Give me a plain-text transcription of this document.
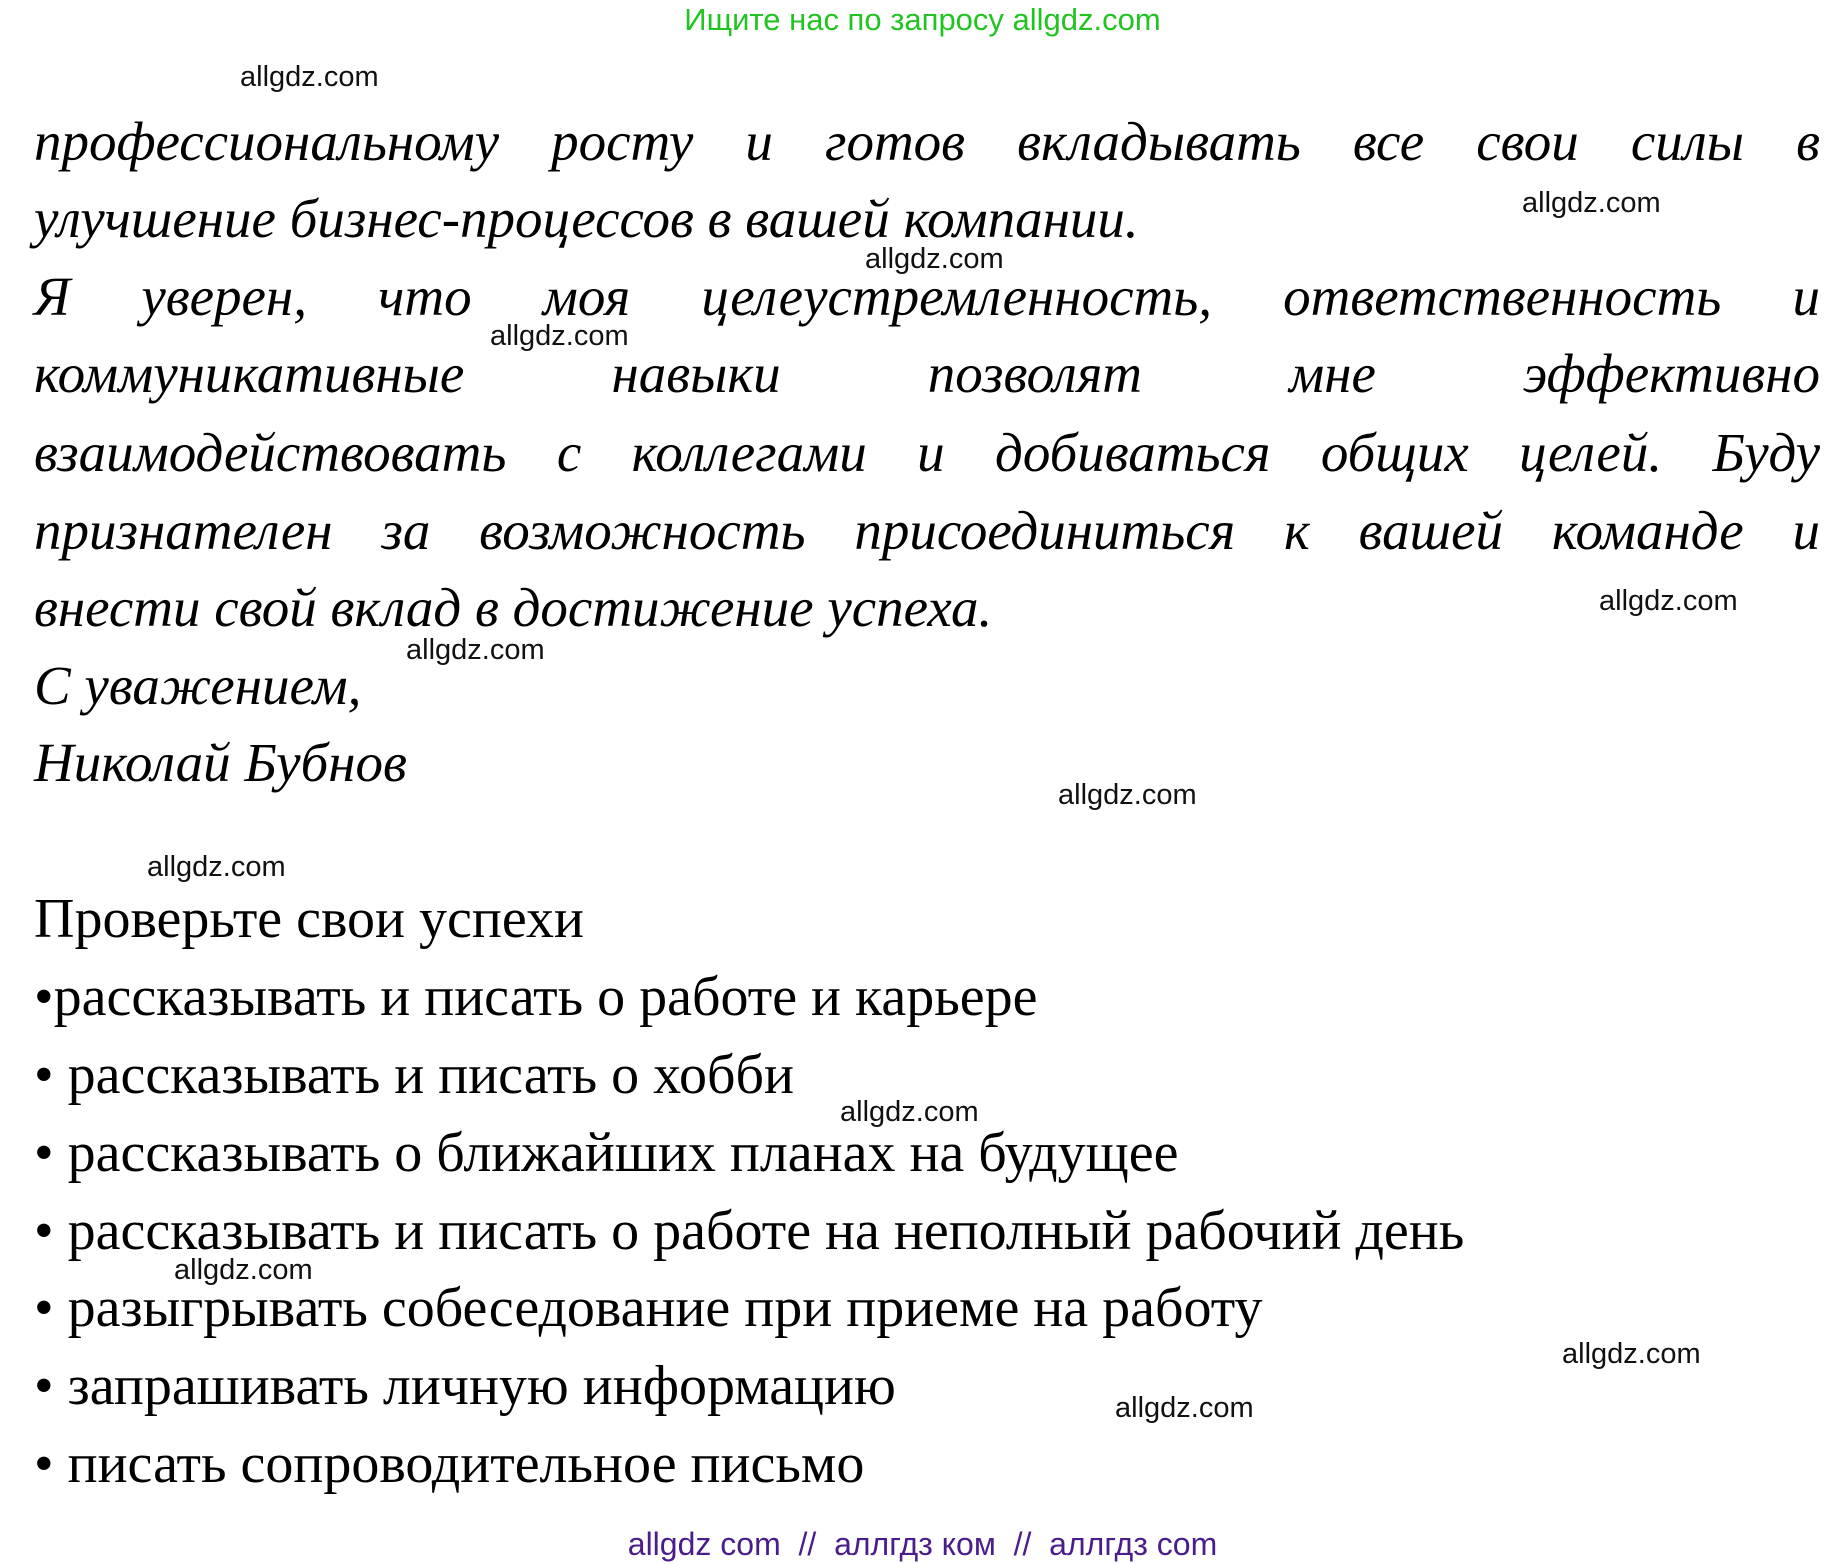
Ищите нас по запросу allgdz.com
профессиональному росту и готов вкладывать все свои силы в
улучшение бизнес-процессов в вашей компании.
Я уверен, что моя целеустремленность, ответственность и
коммуникативные навыки позволят мне эффективно
взаимодействовать с коллегами и добиваться общих целей. Буду
признателен за возможность присоединиться к вашей команде и
внести свой вклад в достижение успеха.
С уважением,
Николай Бубнов
Проверьте свои успехи
•рассказывать и писать о работе и карьере
• рассказывать и писать о хобби
• рассказывать о ближайших планах на будущее
• рассказывать и писать о работе на неполный рабочий день
• разыгрывать собеседование при приеме на работу
• запрашивать личную информацию
• писать сопроводительное письмо
allgdz.com
allgdz.com
allgdz.com
allgdz.com
allgdz.com
allgdz.com
allgdz.com
allgdz.com
allgdz.com
allgdz.com
allgdz.com
allgdz.com
allgdz com  //  аллгдз ком  //  аллгдз com
